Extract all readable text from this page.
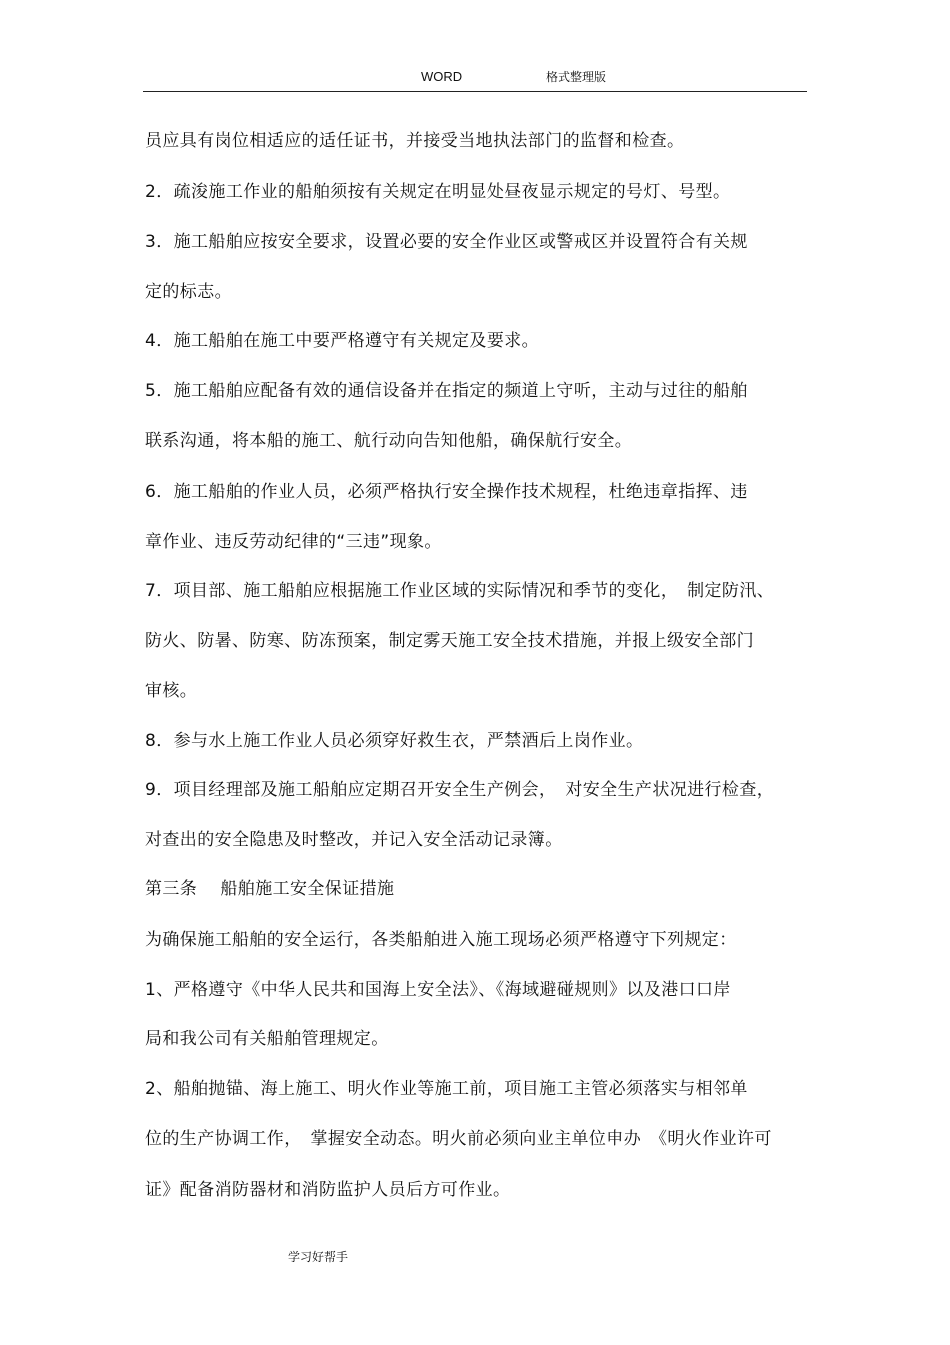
WORD	格式整理版
员应具有岗位相适应的适任证书，并接受当地执法部门的监督和检查。
2．疏浚施工作业的船舶须按有关规定在明显处昼夜显示规定的号灯、号型。
3．施工船舶应按安全要求，设置必要的安全作业区或警戒区并设置符合有关规
定的标志。
4．施工船舶在施工中要严格遵守有关规定及要求。
5．施工船舶应配备有效的通信设备并在指定的频道上守听，主动与过往的船舶
联系沟通，将本船的施工、航行动向告知他船，确保航行安全。
6．施工船舶的作业人员，必须严格执行安全操作技术规程，杜绝违章指挥、违
章作业、违反劳动纪律的“三违”现象。
7．项目部、施工船舶应根据施工作业区域的实际情况和季节的变化，　制定防汛、
防火、防暑、防寒、防冻预案，制定雾天施工安全技术措施，并报上级安全部门
审核。
8．参与水上施工作业人员必须穿好救生衣，严禁酒后上岗作业。
9．项目经理部及施工船舶应定期召开安全生产例会，　对安全生产状况进行检查，
对查出的安全隐患及时整改，并记入安全活动记录簿。
第三条　 船舶施工安全保证措施
为确保施工船舶的安全运行，各类船舶进入施工现场必须严格遵守下列规定：
1、严格遵守《中华人民共和国海上安全法》、《海域避碰规则》以及港口口岸
局和我公司有关船舶管理规定。
2、船舶抛锚、海上施工、明火作业等施工前，项目施工主管必须落实与相邻单
位的生产协调工作，　掌握安全动态。明火前必须向业主单位申办　《明火作业许可
证》配备消防器材和消防监护人员后方可作业。
学习好帮手
